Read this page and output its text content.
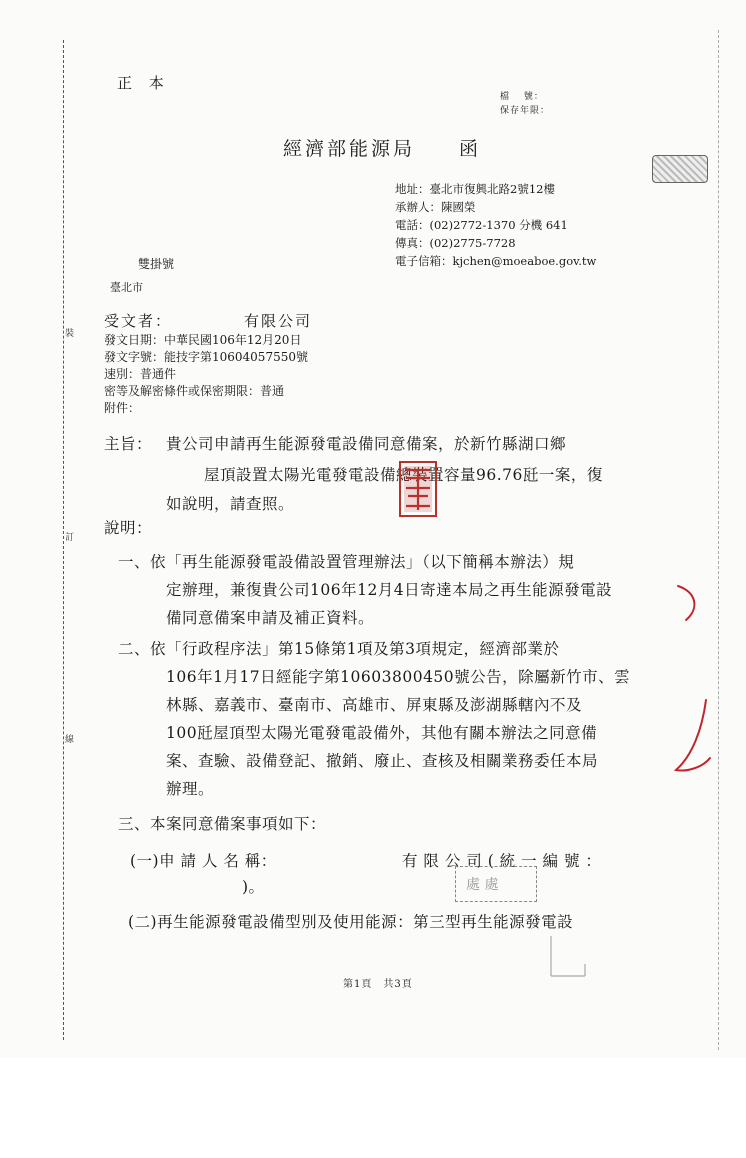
裝
訂
線
正 本
檔　 號：
保存年限：
經濟部能源局　　函
地址：臺北市復興北路2號12樓
承辦人：陳國榮
電話：(02)2772-1370 分機 641
傳真：(02)2775-7728
電子信箱：kjchen@moeaboe.gov.tw
雙掛號
臺北市
受文者：	有限公司
發文日期：中華民國106年12月20日
發文字號：能技字第10604057550號
速別：普通件
密等及解密條件或保密期限：普通
附件：
主旨： 貴公司申請再生能源發電設備同意備案，於新竹縣湖口鄉
屋頂設置太陽光電發電設備總裝置容量96.76瓩一案，復
如說明，請查照。
說明：
一、依「再生能源發電設備設置管理辦法」（以下簡稱本辦法）規
定辦理，兼復貴公司106年12月4日寄達本局之再生能源發電設
備同意備案申請及補正資料。
二、依「行政程序法」第15條第1項及第3項規定，經濟部業於
106年1月17日經能字第10603800450號公告，除屬新竹市、雲
林縣、嘉義市、臺南市、高雄市、屏東縣及澎湖縣轄內不及
100瓩屋頂型太陽光電發電設備外，其他有關本辦法之同意備
案、查驗、設備登記、撤銷、廢止、查核及相關業務委任本局
辦理。
三、本案同意備案事項如下：
(一)申 請 人 名 稱：	有 限 公 司 ( 統 一 編 號 ：
)。	處 處
(二)再生能源發電設備型別及使用能源：第三型再生能源發電設
第1頁　共3頁
